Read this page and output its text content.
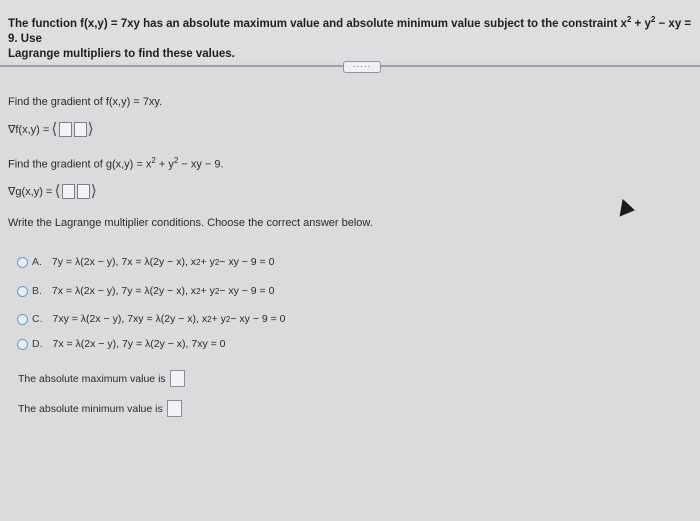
The function f(x,y) = 7xy has an absolute maximum value and absolute minimum value subject to the constraint $x^2 + y^2$ − xy = 9. Use
Lagrange multipliers to find these values.
·····
Find the gradient of f(x,y) = 7xy.
∇f(x,y) = ⟨ ⟩
Find the gradient of $g(x,y) = x^2 + y^2$ − xy − 9.
∇g(x,y) = ⟨ ⟩
Write the Lagrange multiplier conditions. Choose the correct answer below.
A. 7y = λ(2x − y), 7x = λ(2y − x), x 2 + y 2 − xy − 9 = 0
B. 7x = λ(2x − y), 7y = λ(2y − x), x 2 + y 2 − xy − 9 = 0
C. 7xy = λ(2x − y), 7xy = λ(2y − x), x 2 + y 2 − xy − 9 = 0
D. 7x = λ(2x − y), 7y = λ(2y − x), 7xy = 0
The absolute maximum value is
The absolute minimum value is
